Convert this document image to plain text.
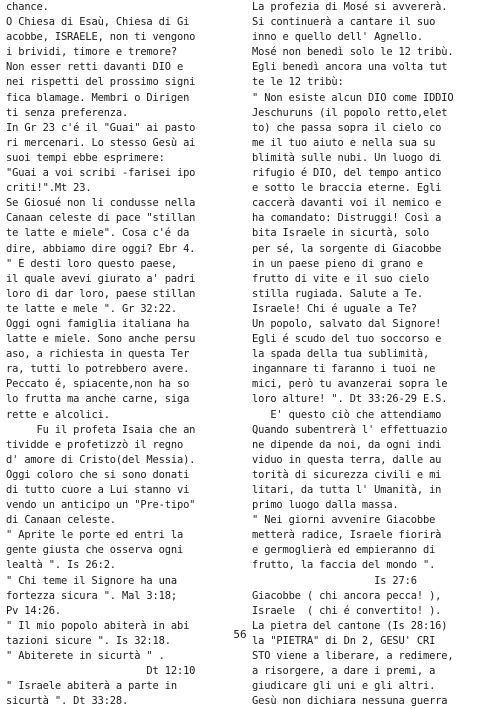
chance.
O Chiesa di Esaù, Chiesa di Gi
acobbe, ISRAELE, non ti vengono
i brividi, timore e tremore?
Non esser retti davanti DIO e
nei rispetti del prossimo signi
fica blamage. Membri o Dirigen
ti senza preferenza.
In Gr 23 c'é il "Guai" ai pasto
ri mercenari. Lo stesso Gesù ai
suoi tempi ebbe esprimere:
"Guai a voi scribi -farisei ipo
criti!".Mt 23.
Se Giosué non li condusse nella
Canaan celeste di pace "stillan
te latte e miele". Cosa c'é da
dire, abbiamo dire oggi? Ebr 4.
" E desti loro questo paese,
il quale avevi giurato a' padri
loro di dar loro, paese stillan
te latte e mele ". Gr 32:22.
Oggi ogni famiglia italiana ha
latte e miele. Sono anche persu
aso, a richiesta in questa Ter
ra, tutti lo potrebbero avere.
Peccato é, spiacente,non ha so
lo frutta ma anche carne, siga
rette e alcolici.
Fu il profeta Isaia che an
tividde e profetizzò il regno
d' amore di Cristo(del Messia).
Oggi coloro che si sono donati
di tutto cuore a Lui stanno vi
vendo un anticipo un "Pre-tipo"
di Canaan celeste.
" Aprite le porte ed entri la
gente giusta che osserva ogni
lealtà ". Is 26:2.
" Chi teme il Signore ha una
fortezza sicura ". Mal 3:18;
Pv 14:26.
" Il mio popolo abiterà in abi
tazioni sicure ". Is 32:18.
" Abiterete in sicurtà " .
Dt 12:10
" Israele abiterà a parte in
sicurtà ". Dt 33:28.
La profezia di Mosé si avvererà.
Si continuerà a cantare il suo
inno e quello dell' Agnello.
Mosé non benedì solo le 12 tribù.
Egli benedì ancora una volta tut
te le 12 tribù:
" Non esiste alcun DIO come IDDIO
Jeschuruns (il popolo retto,elet
to) che passa sopra il cielo co
me il tuo aiuto e nella sua su
blimità sulle nubi. Un luogo di
rifugio é DIO, del tempo antico
e sotto le braccia eterne. Egli
caccerà davanti voi il nemico e
ha comandato: Distruggi! Così a
bita Israele in sicurtà, solo
per sé, la sorgente di Giacobbe
in un paese pieno di grano e
frutto di vite e il suo cielo
stilla rugiada. Salute a Te.
Israele! Chi é uguale a Te?
Un popolo, salvato dal Signore!
Egli é scudo del tuo soccorso e
la spada della tua sublimità,
ingannare ti faranno i tuoi ne
mici, però tu avanzerai sopra le
loro alture! ". Dt 33:26-29 E.S.
E' questo ciò che attendiamo
Quando subentrerà l' effettuazio
ne dipende da noi, da ogni indi
viduo in questa terra, dalle au
torità di sicurezza civili e mi
litari, da tutta l' Umanità, in
primo luogo dalla massa.
" Nei giorni avvenire Giacobbe
metterà radice, Israele fiorirà
e germoglierà ed empieranno di
frutto, la faccia del mondo ".
Is 27:6
Giacobbe ( chi ancora pecca! ),
Israele  ( chi é convertito! ).
La pietra del cantone (Is 28:16)
la "PIETRA" di Dn 2, GESU' CRI
STO viene a liberare, a redimere,
a risorgere, a dare i premi, a
giudicare gli uni e gli altri.
Gesù non dichiara nessuna guerra
56
